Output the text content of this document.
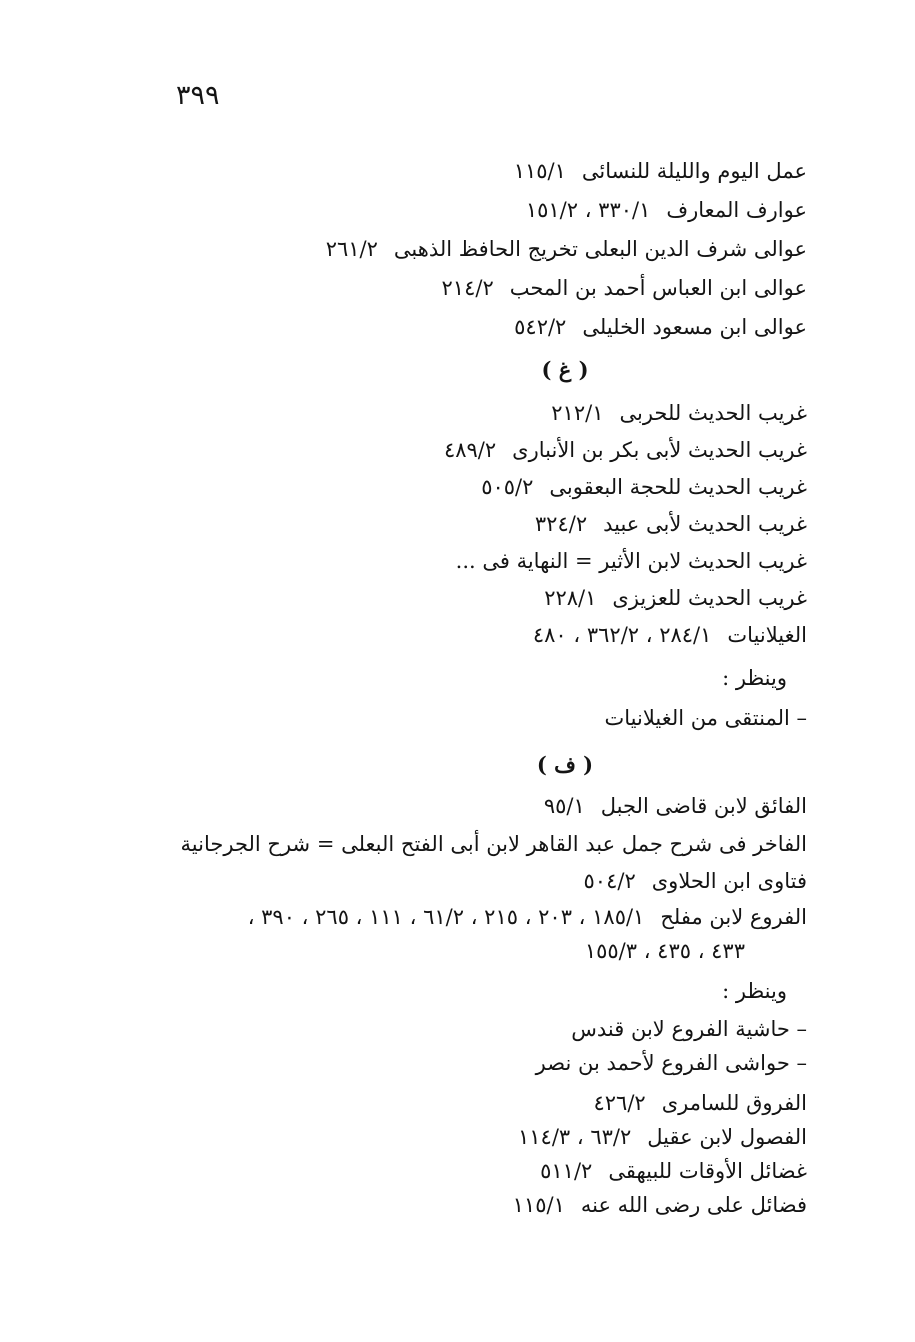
٣٩٩
عمل اليوم والليلة للنسائى١١٥/١
عوارف المعارف٣٣٠/١ ، ١٥١/٢
عوالى شرف الدين البعلى تخريج الحافظ الذهبى٢٦١/٢
عوالى ابن العباس أحمد بن المحب٢١٤/٢
عوالى ابن مسعود الخليلى٥٤٢/٢
( غ )
غريب الحديث للحربى٢١٢/١
غريب الحديث لأبى بكر بن الأنبارى٤٨٩/٢
غريب الحديث للحجة البعقوبى٥٠٥/٢
غريب الحديث لأبى عبيد٣٢٤/٢
غريب الحديث لابن الأثير = النهاية فى ...
غريب الحديث للعزيزى٢٢٨/١
الغيلانيات٢٨٤/١ ، ٣٦٢/٢ ، ٤٨٠
وينظر :
– المنتقى من الغيلانيات
( ف )
الفائق لابن قاضى الجبل٩٥/١
الفاخر فى شرح جمل عبد القاهر لابن أبى الفتح البعلى = شرح الجرجانية
فتاوى ابن الحلاوى٥٠٤/٢
الفروع لابن مفلح١٨٥/١ ، ٢٠٣ ، ٢١٥ ، ٦١/٢ ، ١١١ ، ٢٦٥ ، ٣٩٠ ،
٤٣٣ ، ٤٣٥ ، ١٥٥/٣
وينظر :
– حاشية الفروع لابن قندس
– حواشى الفروع لأحمد بن نصر
الفروق للسامرى٤٢٦/٢
الفصول لابن عقيل٦٣/٢ ، ١١٤/٣
غضائل الأوقات للبيهقى٥١١/٢
فضائل على رضى الله عنه١١٥/١
